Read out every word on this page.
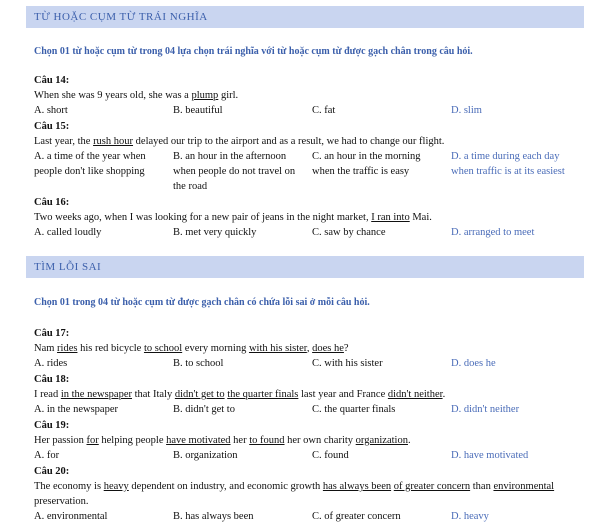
TỪ HOẶC CỤM TỪ TRÁI NGHĨA
Chọn 01 từ hoặc cụm từ trong 04 lựa chọn trái nghĩa với từ hoặc cụm từ được gạch chân trong câu hỏi.
Câu 14:
When she was 9 years old, she was a plump girl.
A. short	B. beautiful	C. fat	D. slim
Câu 15:
Last year, the rush hour delayed our trip to the airport and as a result, we had to change our flight.
A. a time of the year when people don't like shopping
B. an hour in the afternoon when people do not travel on the road
C. an hour in the morning when the traffic is easy
D. a time during each day when traffic is at its easiest
Câu 16:
Two weeks ago, when I was looking for a new pair of jeans in the night market, I ran into Mai.
A. called loudly	B. met very quickly	C. saw by chance	D. arranged to meet
TÌM LỖI SAI
Chọn 01 trong 04 từ hoặc cụm từ được gạch chân có chứa lỗi sai ở mỗi câu hỏi.
Câu 17:
Nam rides his red bicycle to school every morning with his sister, does he?
A. rides	B. to school	C. with his sister	D. does he
Câu 18:
I read in the newspaper that Italy didn't get to the quarter finals last year and France didn't neither.
A. in the newspaper	B. didn't get to	C. the quarter finals	D. didn't neither
Câu 19:
Her passion for helping people have motivated her to found her own charity organization.
A. for	B. organization	C. found	D. have motivated
Câu 20:
The economy is heavy dependent on industry, and economic growth has always been of greater concern than environmental preservation.
A. environmental	B. has always been	C. of greater concern	D. heavy
